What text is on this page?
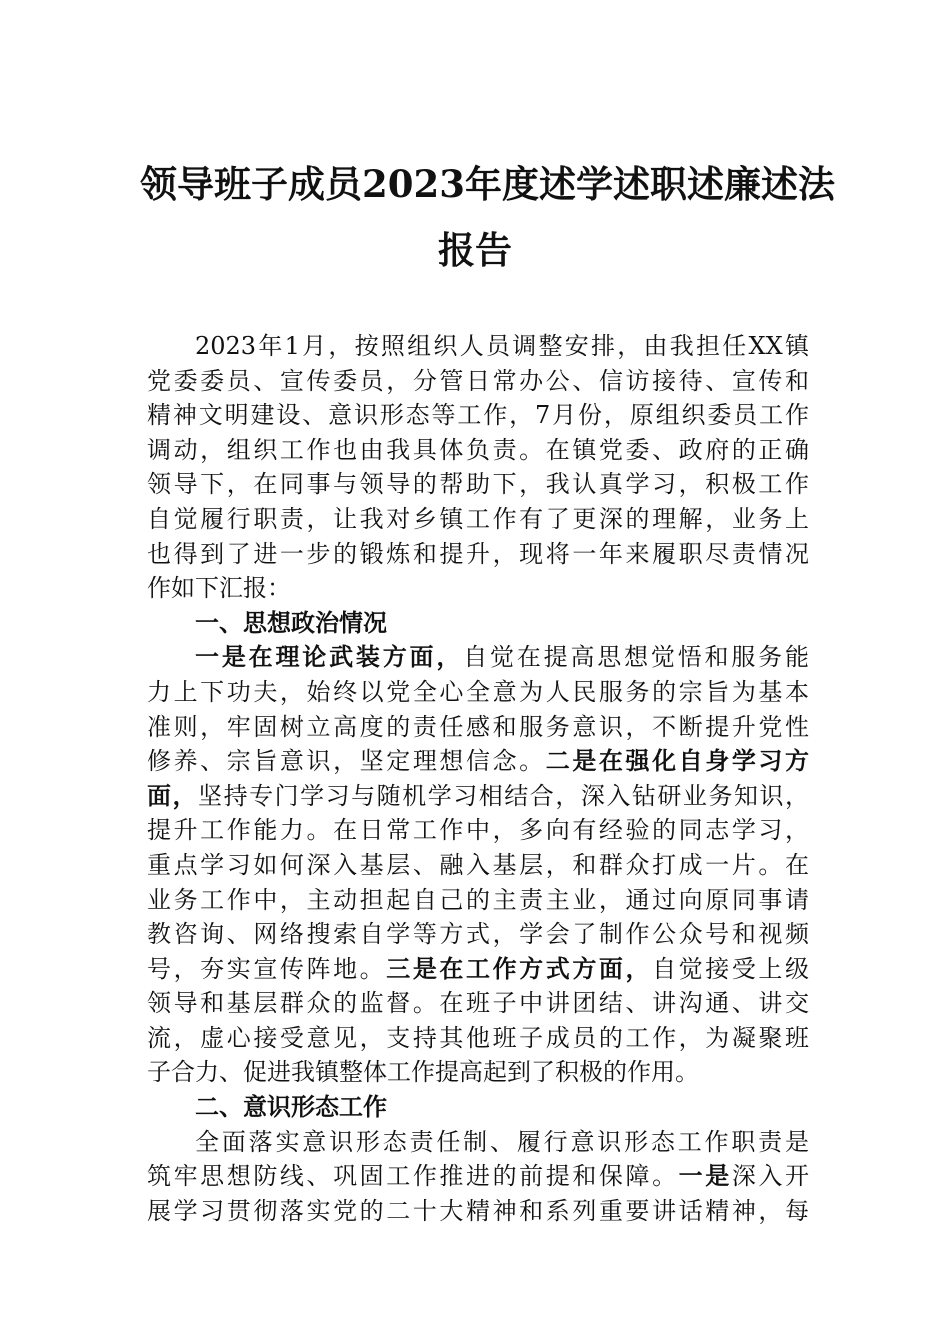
领导班子成员2023年度述学述职述廉述法
报告
2023年1月，按照组织人员调整安排，由我担任XX镇
党委委员、宣传委员，分管日常办公、信访接待、宣传和
精神文明建设、意识形态等工作，7月份，原组织委员工作
调动，组织工作也由我具体负责。在镇党委、政府的正确
领导下，在同事与领导的帮助下，我认真学习，积极工作
自觉履行职责，让我对乡镇工作有了更深的理解，业务上
也得到了进一步的锻炼和提升，现将一年来履职尽责情况
作如下汇报：
一、思想政治情况
一是在理论武装方面，自觉在提高思想觉悟和服务能
力上下功夫，始终以党全心全意为人民服务的宗旨为基本
准则，牢固树立高度的责任感和服务意识，不断提升党性
修养、宗旨意识，坚定理想信念。二是在强化自身学习方
面，坚持专门学习与随机学习相结合，深入钻研业务知识，
提升工作能力。在日常工作中，多向有经验的同志学习，
重点学习如何深入基层、融入基层，和群众打成一片。在
业务工作中，主动担起自己的主责主业，通过向原同事请
教咨询、网络搜索自学等方式，学会了制作公众号和视频
号，夯实宣传阵地。三是在工作方式方面，自觉接受上级
领导和基层群众的监督。在班子中讲团结、讲沟通、讲交
流，虚心接受意见，支持其他班子成员的工作，为凝聚班
子合力、促进我镇整体工作提高起到了积极的作用。
二、意识形态工作
全面落实意识形态责任制、履行意识形态工作职责是
筑牢思想防线、巩固工作推进的前提和保障。一是深入开
展学习贯彻落实党的二十大精神和系列重要讲话精神，每
